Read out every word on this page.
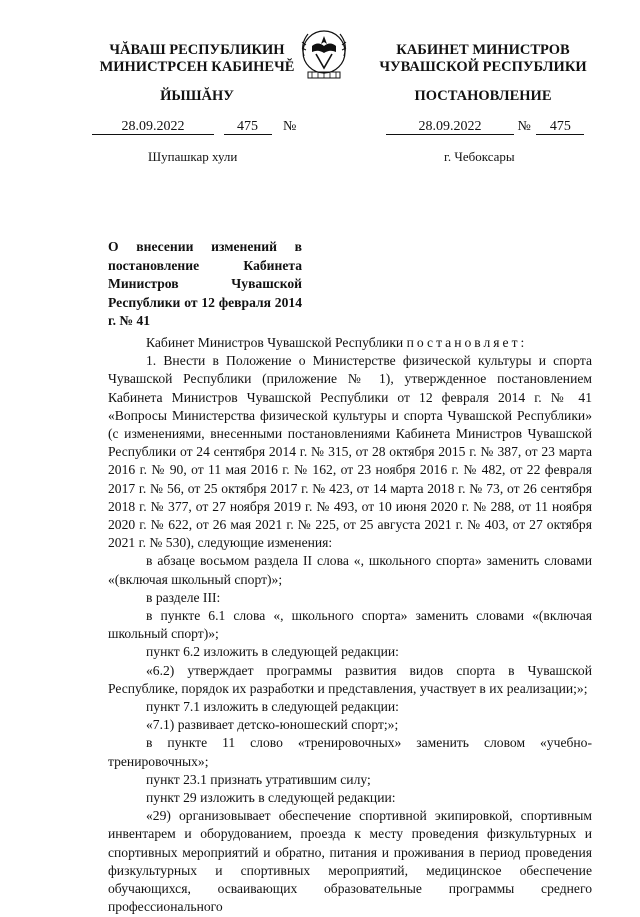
ЧĂВАШ РЕСПУБЛИКИН
МИНИСТРСЕН КАБИНЕЧĔ
КАБИНЕТ МИНИСТРОВ
ЧУВАШСКОЙ РЕСПУБЛИКИ
ЙЫШĂНУ	ПОСТАНОВЛЕНИЕ
28.09.2022	475 №	28.09.2022	№ 475
Шупашкар хули	г. Чебоксары
О внесении изменений в постановление Кабинета Министров Чувашской Республики от 12 февраля 2014 г. № 41

Кабинет Министров Чувашской Республики постановляет:

1. Внести в Положение о Министерстве физической культуры и спорта Чувашской Республики (приложение № 1), утвержденное постановлением Кабинета Министров Чувашской Республики от 12 февраля 2014 г. № 41 «Вопросы Министерства физической культуры и спорта Чувашской Республики» (с изменениями, внесенными постановлениями Кабинета Министров Чувашской Республики от 24 сентября 2014 г. № 315, от 28 октября 2015 г. № 387, от 23 марта 2016 г. № 90, от 11 мая 2016 г. № 162, от 23 ноября 2016 г. № 482, от 22 февраля 2017 г. № 56, от 25 октября 2017 г. № 423, от 14 марта 2018 г. № 73, от 26 сентября 2018 г. № 377, от 27 ноября 2019 г. № 493, от 10 июня 2020 г. № 288, от 11 ноября 2020 г. № 622, от 26 мая 2021 г. № 225, от 25 августа 2021 г. № 403, от 27 октября 2021 г. № 530), следующие изменения:

в абзаце восьмом раздела II слова «, школьного спорта» заменить словами «(включая школьный спорт)»;

в разделе III:

в пункте 6.1 слова «, школьного спорта» заменить словами «(включая школьный спорт)»;

пункт 6.2 изложить в следующей редакции:

«6.2) утверждает программы развития видов спорта в Чувашской Республике, порядок их разработки и представления, участвует в их реализации;»;

пункт 7.1 изложить в следующей редакции:

«7.1) развивает детско-юношеский спорт;»;

в пункте 11 слово «тренировочных» заменить словом «учебно-тренировочных»;

пункт 23.1 признать утратившим силу;

пункт 29 изложить в следующей редакции:

«29) организовывает обеспечение спортивной экипировкой, спортивным инвентарем и оборудованием, проезда к месту проведения физкультурных и спортивных мероприятий и обратно, питания и проживания в период проведения физкультурных и спортивных мероприятий, медицинское обеспечение обучающихся, осваивающих образовательные программы среднего профессионального
